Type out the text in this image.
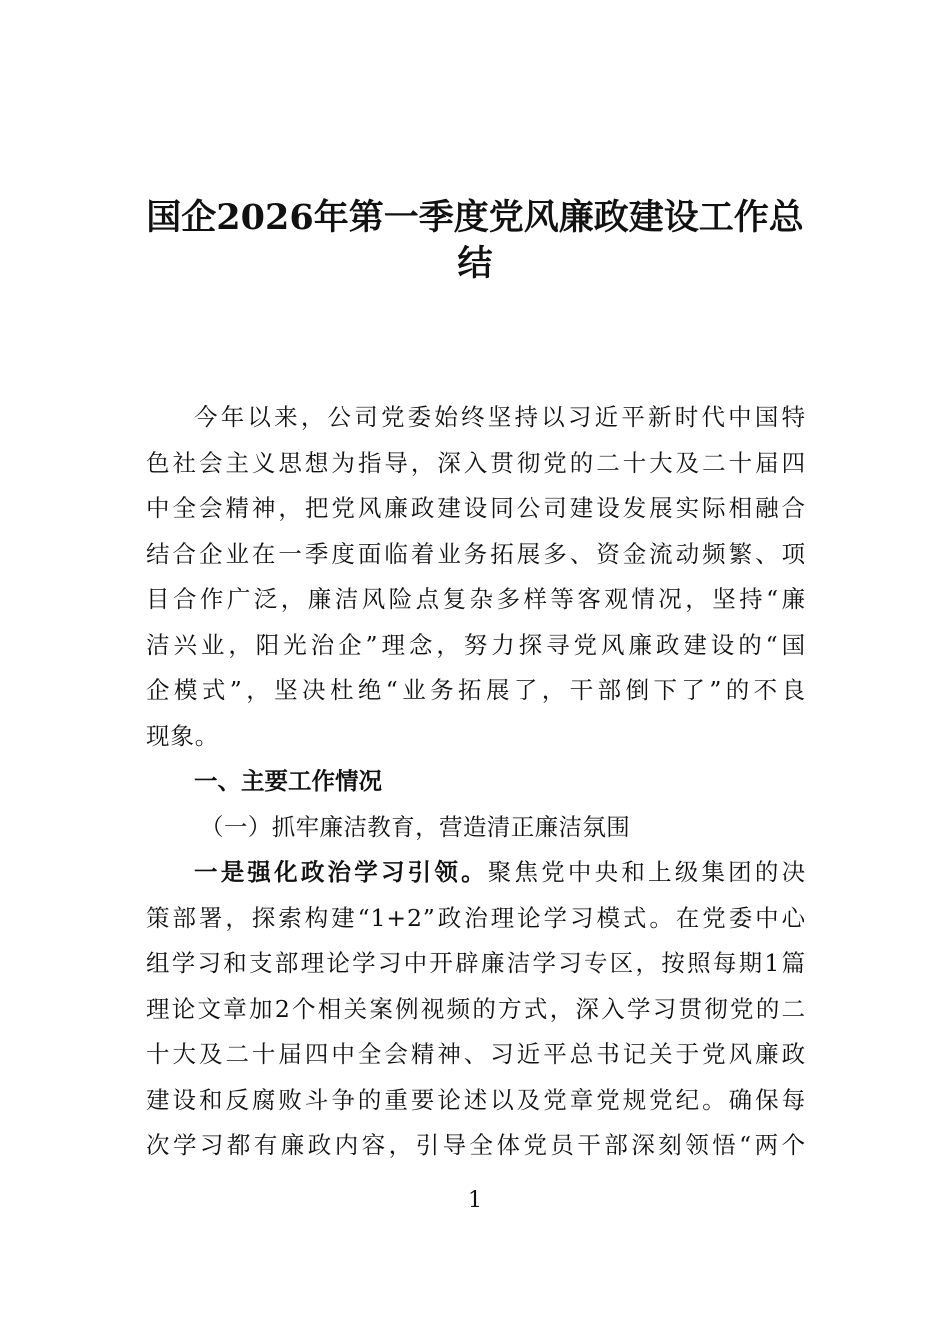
国企2026年第一季度党风廉政建设工作总
结
今年以来，公司党委始终坚持以习近平新时代中国特
色社会主义思想为指导，深入贯彻党的二十大及二十届四
中全会精神，把党风廉政建设同公司建设发展实际相融合
结合企业在一季度面临着业务拓展多、资金流动频繁、项
目合作广泛，廉洁风险点复杂多样等客观情况，坚持“廉
洁兴业，阳光治企”理念，努力探寻党风廉政建设的“国
企模式”，坚决杜绝“业务拓展了，干部倒下了”的不良
现象。
一、主要工作情况
（一）抓牢廉洁教育，营造清正廉洁氛围
一是强化政治学习引领。聚焦党中央和上级集团的决
策部署，探索构建“1+2”政治理论学习模式。在党委中心
组学习和支部理论学习中开辟廉洁学习专区，按照每期1篇
理论文章加2个相关案例视频的方式，深入学习贯彻党的二
十大及二十届四中全会精神、习近平总书记关于党风廉政
建设和反腐败斗争的重要论述以及党章党规党纪。确保每
次学习都有廉政内容，引导全体党员干部深刻领悟“两个
1
